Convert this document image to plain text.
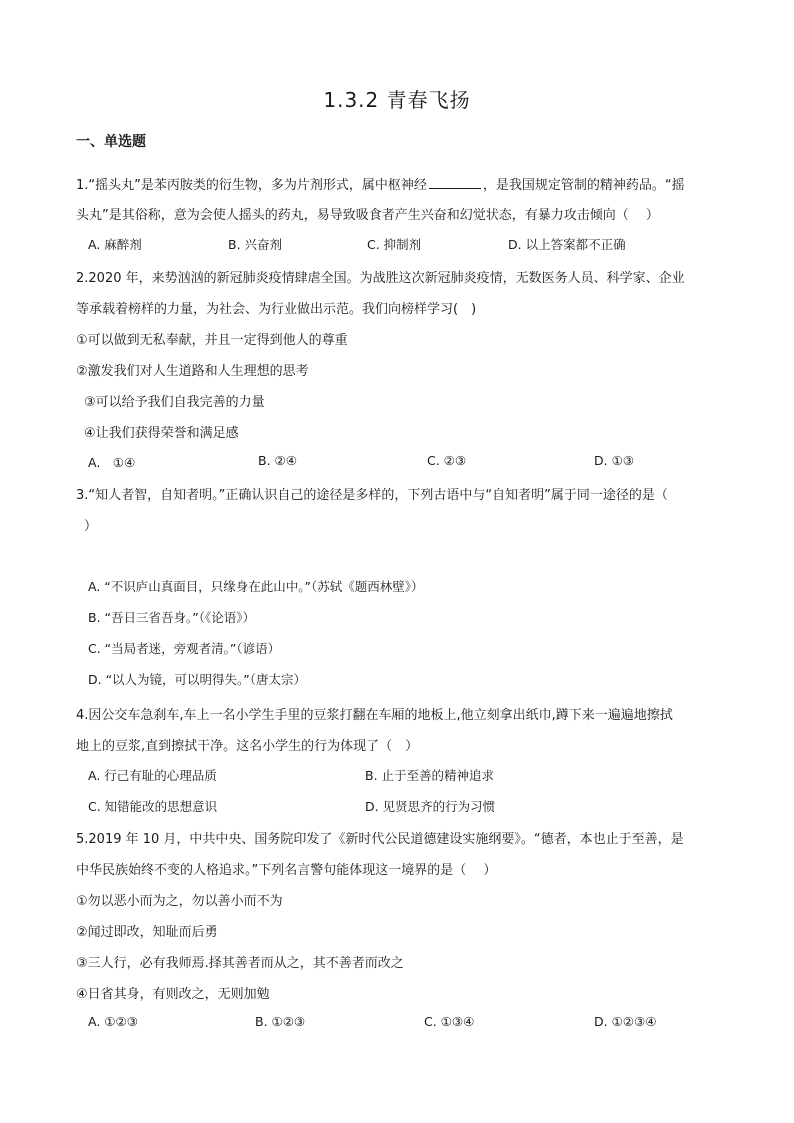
1.3.2 青春飞扬
一、单选题
1.“摇头丸”是苯丙胺类的衍生物，多为片剂形式，属中枢神经	，是我国规定管制的精神药品。“摇
头丸”是其俗称，意为会使人摇头的药丸，易导致吸食者产生兴奋和幻觉状态，有暴力攻击倾向（　 ）
A. 麻醉剂	B. 兴奋剂	C. 抑制剂	D. 以上答案都不正确
2.2020 年，来势汹汹的新冠肺炎疫情肆虐全国。为战胜这次新冠肺炎疫情，无数医务人员、科学家、企业
等承载着榜样的力量，为社会、为行业做出示范。我们向榜样学习(　)
①可以做到无私奉献，并且一定得到他人的尊重
②激发我们对人生道路和人生理想的思考
③可以给予我们自我完善的力量
④让我们获得荣誉和满足感
A.　①④	B. ②④	C. ②③	D. ①③
3.“知人者智，自知者明。”正确认识自己的途径是多样的，下列古语中与“自知者明”属于同一途径的是（
）
A. “不识庐山真面目，只缘身在此山中。”（苏轼《题西林壁》）
B. “吾日三省吾身。”（《论语》）
C. “当局者迷，旁观者清。”（谚语）
D. “以人为镜，可以明得失。”（唐太宗）
4.因公交车急刹车,车上一名小学生手里的豆浆打翻在车厢的地板上,他立刻拿出纸巾,蹲下来一遍遍地擦拭
地上的豆浆,直到擦拭干净。这名小学生的行为体现了（　）
A. 行己有耻的心理品质	B. 止于至善的精神追求
C. 知错能改的思想意识	D. 见贤思齐的行为习惯
5.2019 年 10 月，中共中央、国务院印发了《新时代公民道德建设实施纲要》。“德者，本也止于至善，是
中华民族始终不变的人格追求。”下列名言警句能体现这一境界的是（　 ）
①勿以恶小而为之，勿以善小而不为
②闻过即改，知耻而后勇
③三人行，必有我师焉.择其善者而从之，其不善者而改之
④日省其身，有则改之，无则加勉
A. ①②③	B. ①②③	C. ①③④	D. ①②③④
